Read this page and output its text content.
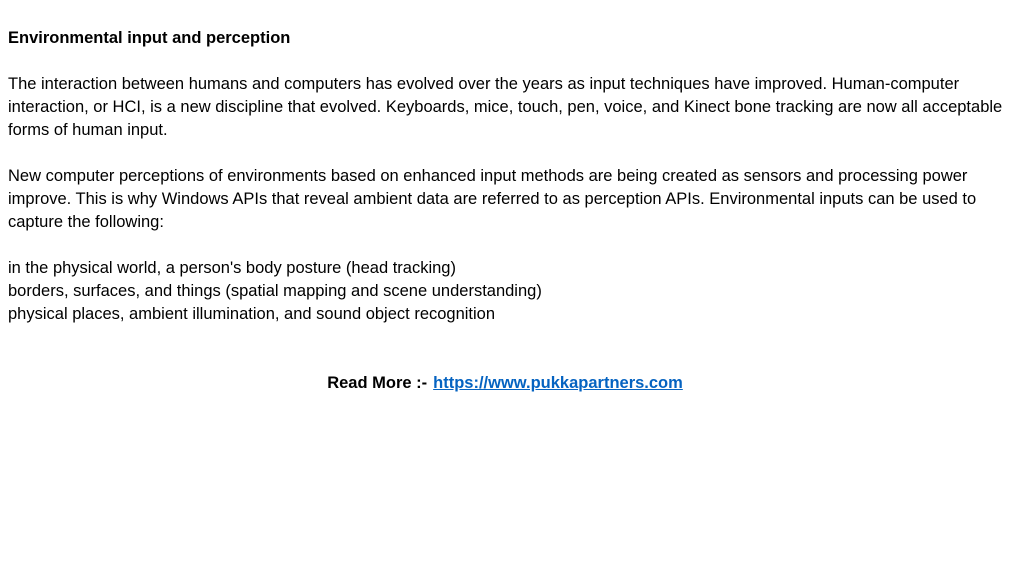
Environmental input and perception
The interaction between humans and computers has evolved over the years as input techniques have improved. Human-computer interaction, or HCI, is a new discipline that evolved. Keyboards, mice, touch, pen, voice, and Kinect bone tracking are now all acceptable forms of human input.
New computer perceptions of environments based on enhanced input methods are being created as sensors and processing power improve. This is why Windows APIs that reveal ambient data are referred to as perception APIs. Environmental inputs can be used to capture the following:
in the physical world, a person's body posture (head tracking)
borders, surfaces, and things (spatial mapping and scene understanding)
physical places, ambient illumination, and sound object recognition
Read More :- https://www.pukkapartners.com
